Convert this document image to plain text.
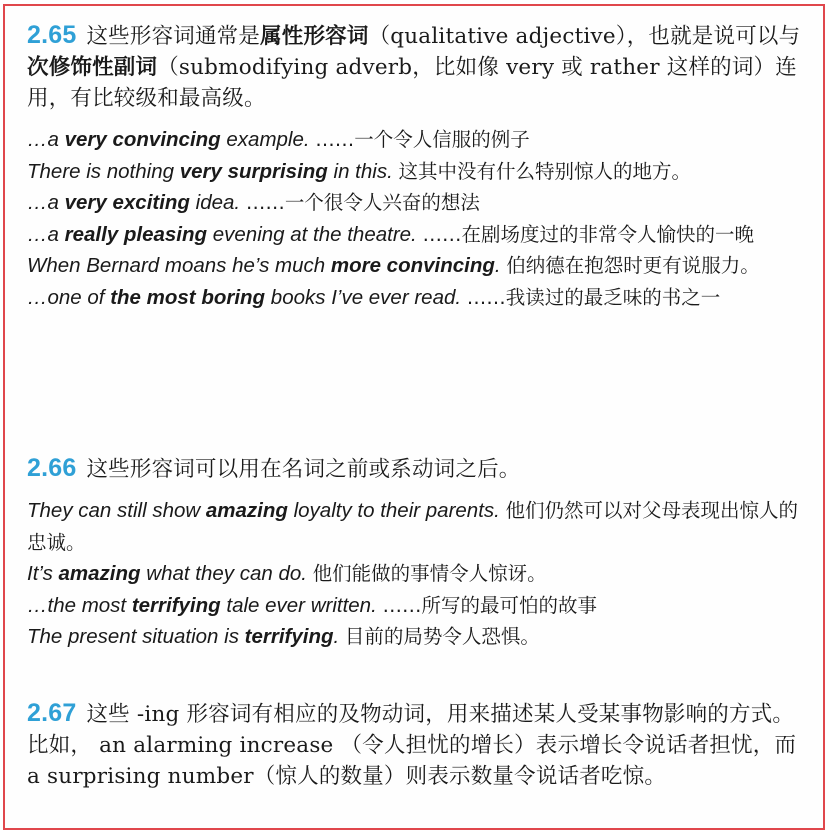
2.65 这些形容词通常是属性形容词（qualitative adjective），也就是说可以与次修饰性副词（submodifying adverb，比如像 very 或 rather 这样的词）连用，有比较级和最高级。
…a very convincing example. ……一个令人信服的例子
There is nothing very surprising in this. 这其中没有什么特别惊人的地方。
…a very exciting idea. ……一个很令人兴奋的想法
…a really pleasing evening at the theatre. ……在剧场度过的非常令人愉快的一晚
When Bernard moans he’s much more convincing. 伯纳德在抱怨时更有说服力。
…one of the most boring books I’ve ever read. ……我读过的最乏味的书之一
2.66 这些形容词可以用在名词之前或系动词之后。
They can still show amazing loyalty to their parents. 他们仍然可以对父母表现出惊人的忠诚。
It’s amazing what they can do. 他们能做的事情令人惊讶。
…the most terrifying tale ever written. ……所写的最可怕的故事
The present situation is terrifying. 目前的局势令人恐惧。
2.67 这些 -ing 形容词有相应的及物动词，用来描述某人受某事物影响的方式。比如， an alarming increase （令人担忧的增长）表示增长令说话者担忧，而 a surprising number（惊人的数量）则表示数量令说话者吃惊。
